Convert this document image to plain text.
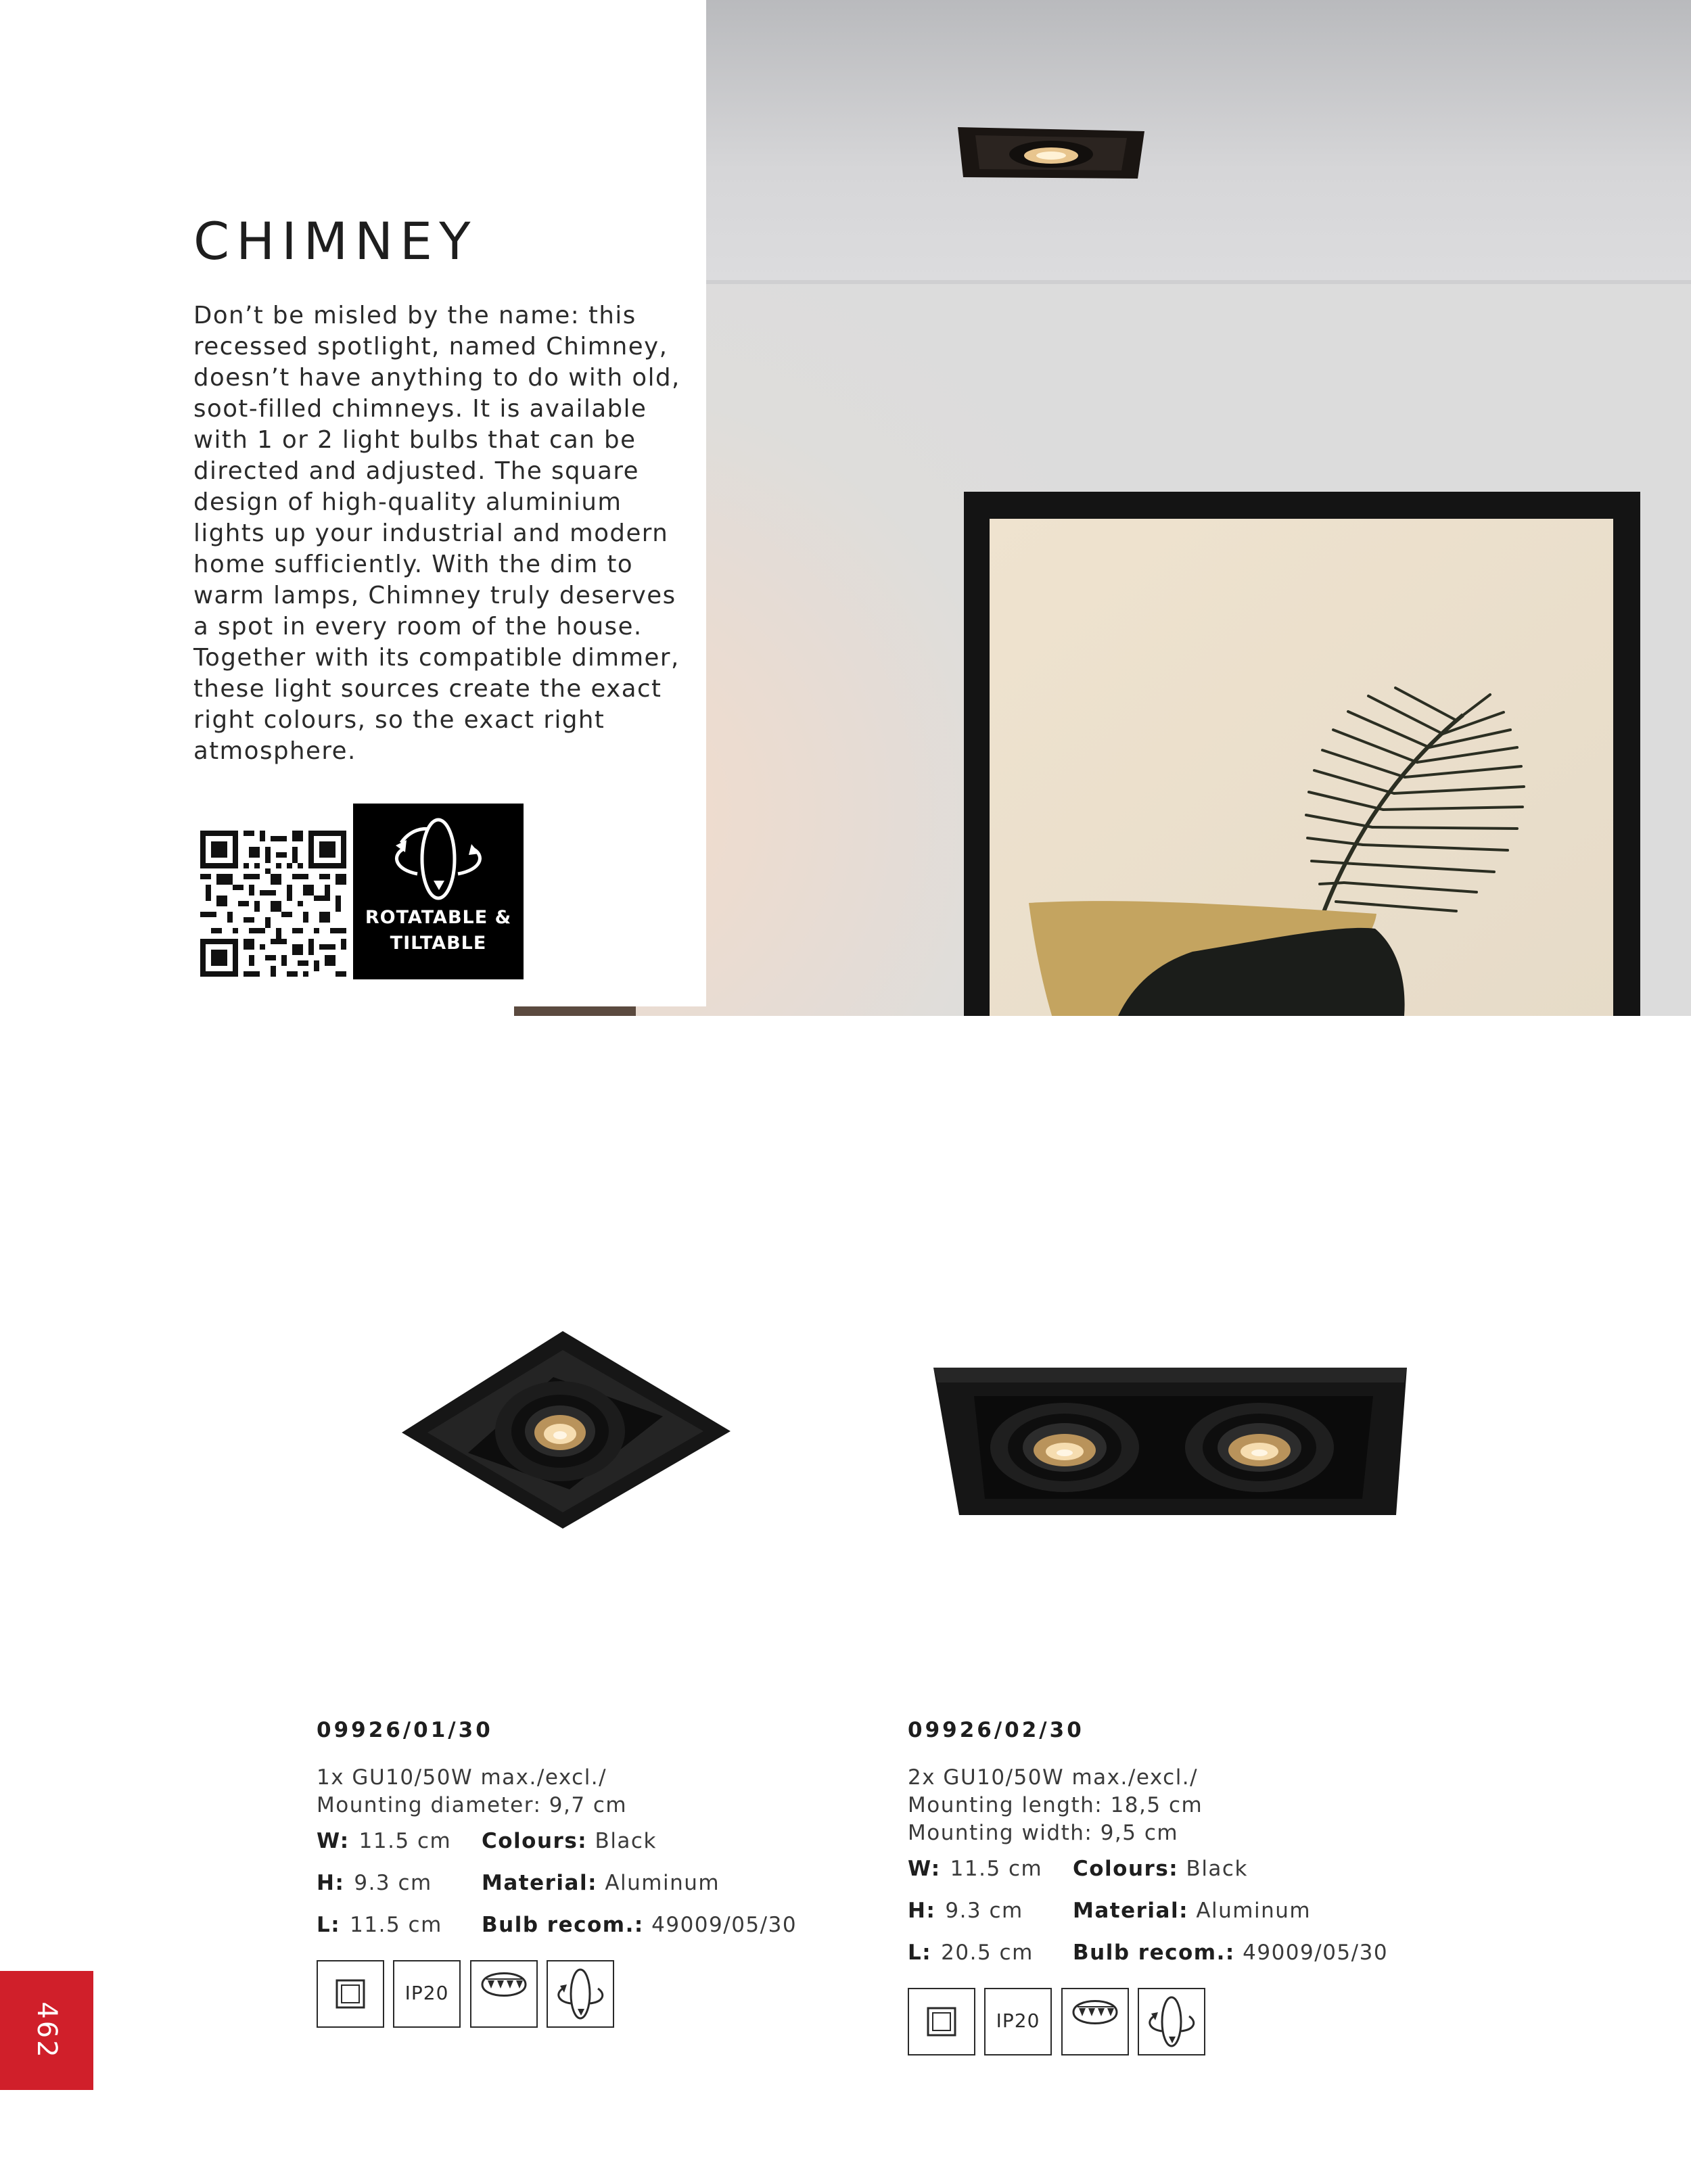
CHIMNEY
Don’t be misled by the name: this
recessed spotlight, named Chimney,
doesn’t have anything to do with old,
soot-filled chimneys. It is available
with 1 or 2 light bulbs that can be
directed and adjusted. The square
design of high-quality aluminium
lights up your industrial and modern
home sufficiently. With the dim to
warm lamps, Chimney truly deserves
a spot in every room of the house.
Together with its compatible dimmer,
these light sources create the exact
right colours, so the exact right
atmosphere.
ROTATABLE &
TILTABLE
09926/01/30
1x GU10/50W max./excl./
Mounting diameter: 9,7 cm
W: 11.5 cm Colours: Black
H: 9.3 cm Material: Aluminum
L: 11.5 cm Bulb recom.: 49009/05/30
IP20
09926/02/30
2x GU10/50W max./excl./
Mounting length: 18,5 cm
Mounting width: 9,5 cm
W: 11.5 cm Colours: Black
H: 9.3 cm Material: Aluminum
L: 20.5 cm Bulb recom.: 49009/05/30
IP20
462
